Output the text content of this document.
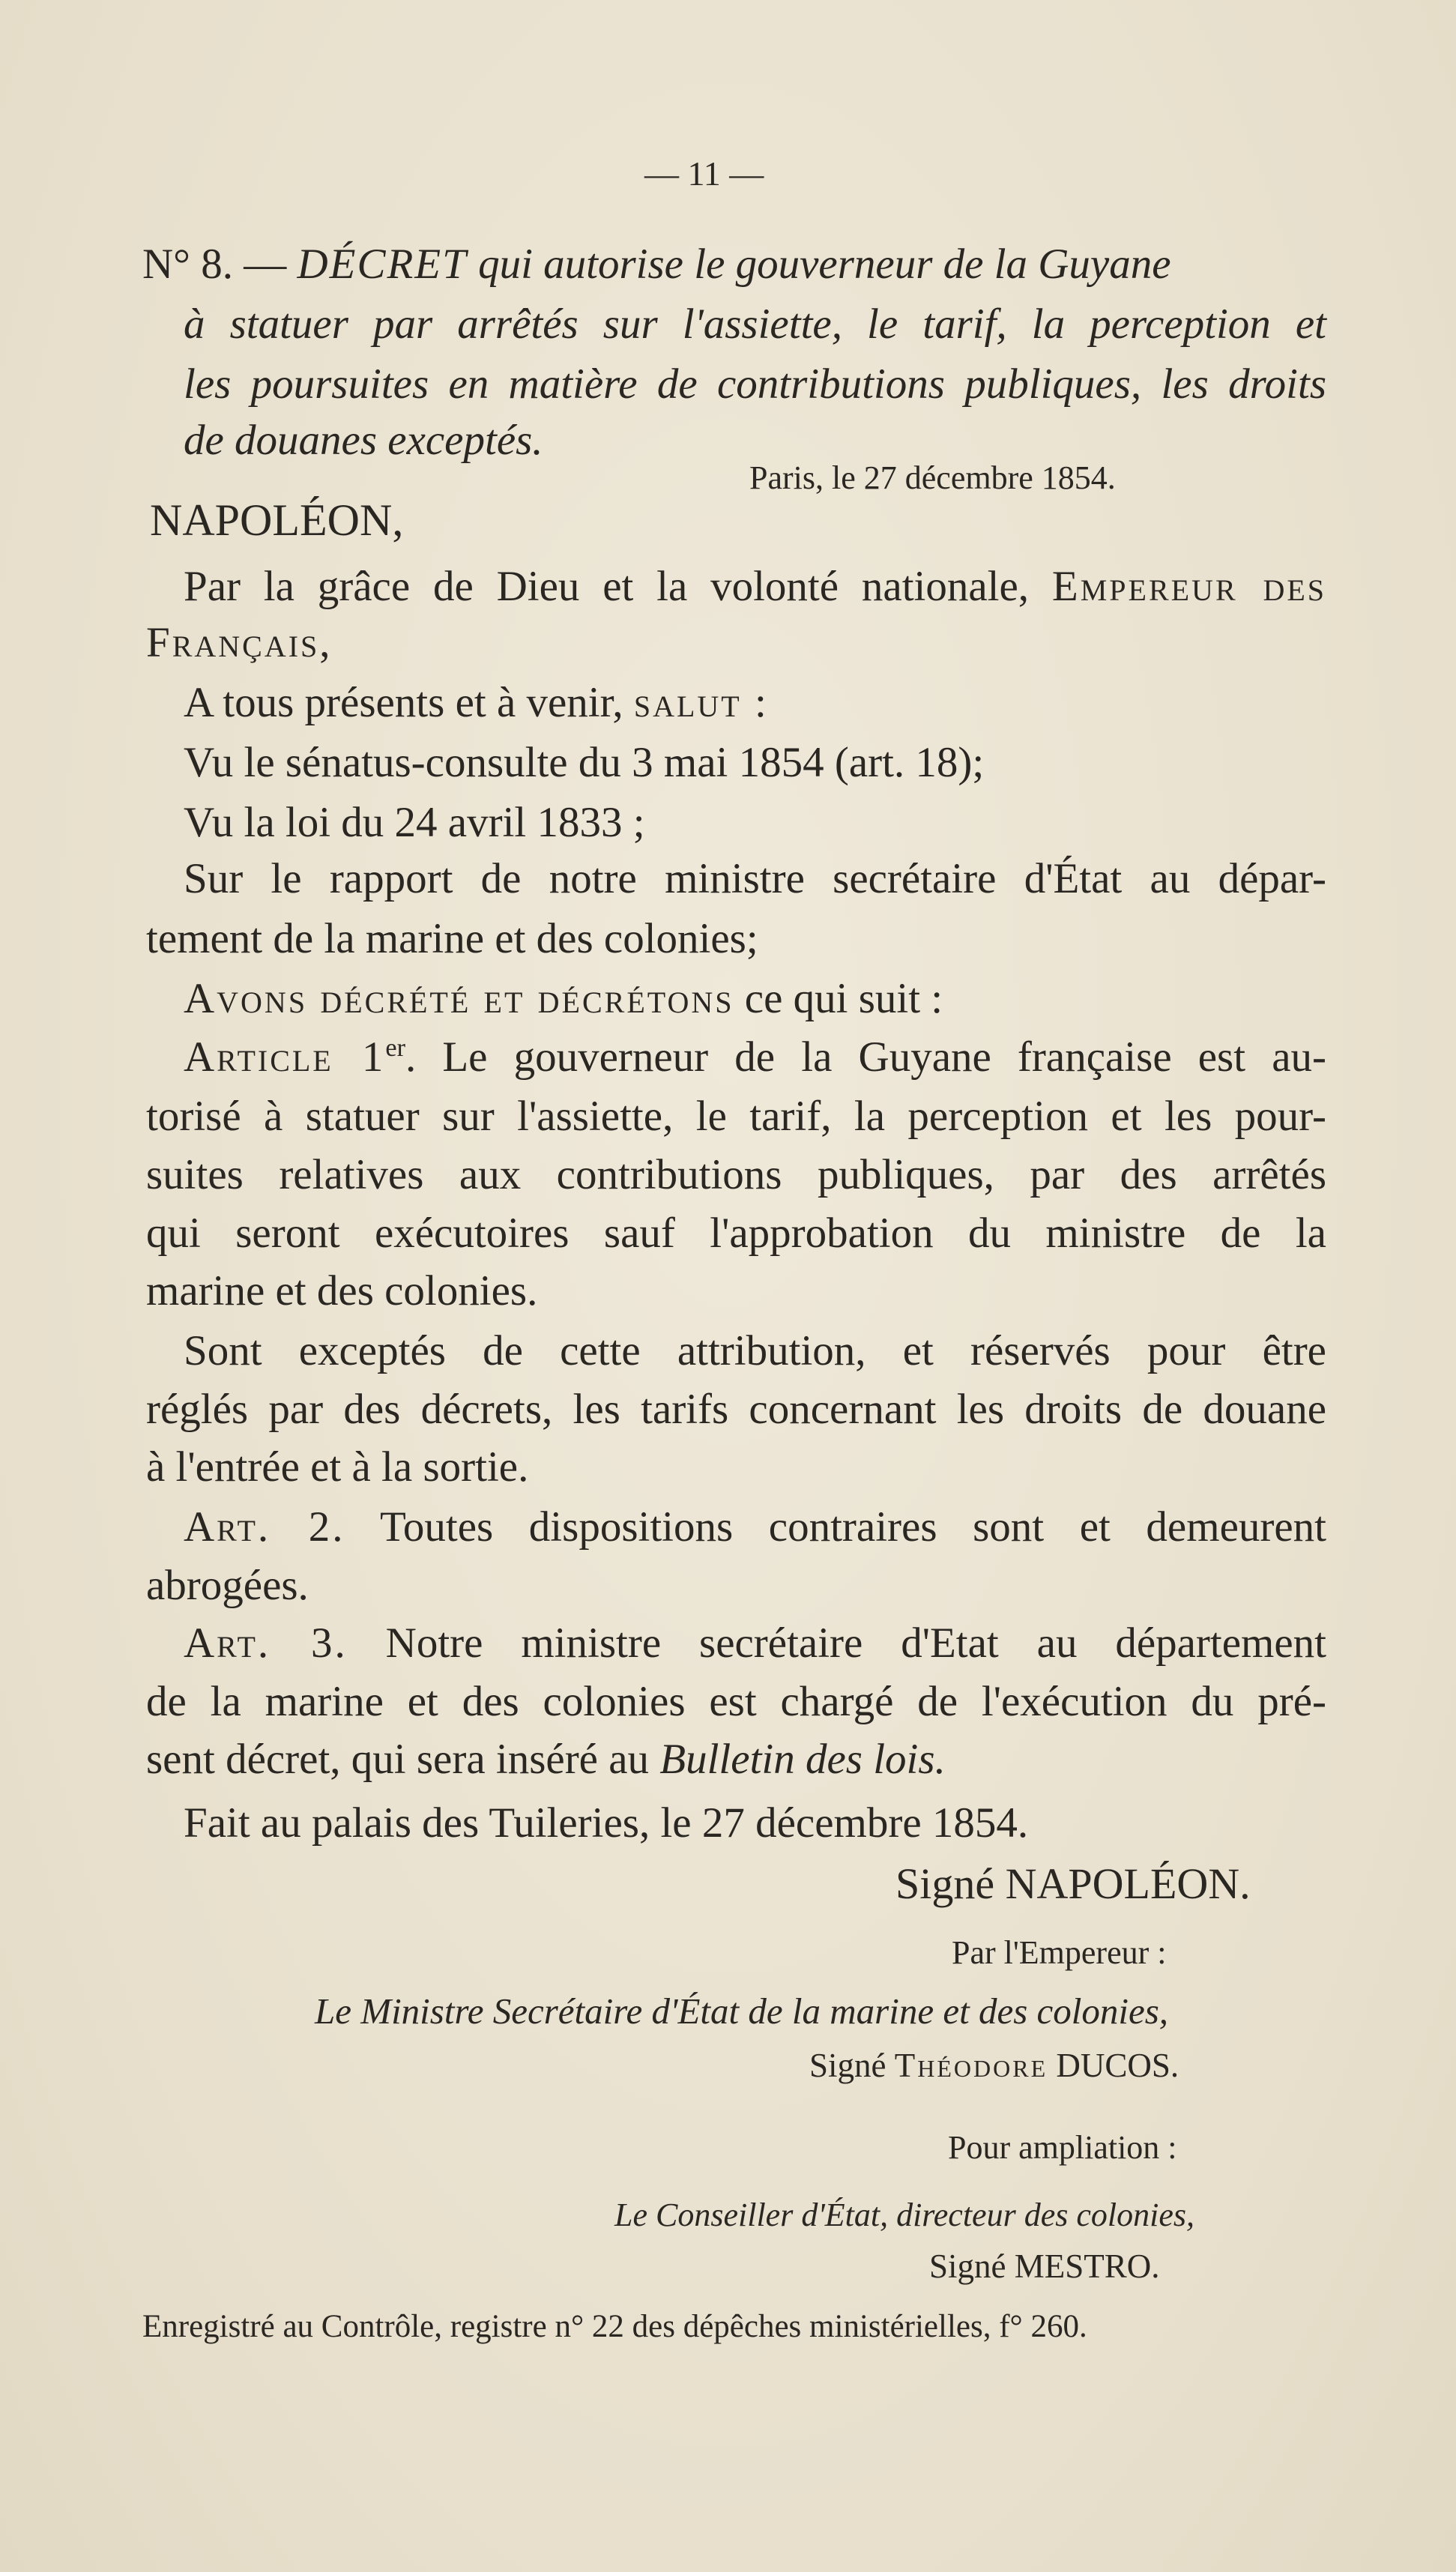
— 11 —
N° 8. — DÉCRET qui autorise le gouverneur de la Guyane
à statuer par arrêtés sur l'assiette, le tarif, la perception et
les poursuites en matière de contributions publiques, les droits
de douanes exceptés.
Paris, le 27 décembre 1854.
NAPOLÉON,
Par la grâce de Dieu et la volonté nationale, Empereur des
Français,
A tous présents et à venir, salut :
Vu le sénatus-consulte du 3 mai 1854 (art. 18);
Vu la loi du 24 avril 1833 ;
Sur le rapport de notre ministre secrétaire d'État au dépar-
tement de la marine et des colonies;
Avons décrété et décrétons ce qui suit :
Article 1er. Le gouverneur de la Guyane française est au-
torisé à statuer sur l'assiette, le tarif, la perception et les pour-
suites relatives aux contributions publiques, par des arrêtés
qui seront exécutoires sauf l'approbation du ministre de la
marine et des colonies.
Sont exceptés de cette attribution, et réservés pour être
réglés par des décrets, les tarifs concernant les droits de douane
à l'entrée et à la sortie.
Art. 2. Toutes dispositions contraires sont et demeurent
abrogées.
Art. 3. Notre ministre secrétaire d'Etat au département
de la marine et des colonies est chargé de l'exécution du pré-
sent décret, qui sera inséré au Bulletin des lois.
Fait au palais des Tuileries, le 27 décembre 1854.
Signé NAPOLÉON.
Par l'Empereur :
Le Ministre Secrétaire d'État de la marine et des colonies,
Signé Théodore DUCOS.
Pour ampliation :
Le Conseiller d'État, directeur des colonies,
Signé MESTRO.
Enregistré au Contrôle, registre n° 22 des dépêches ministérielles, f° 260.
